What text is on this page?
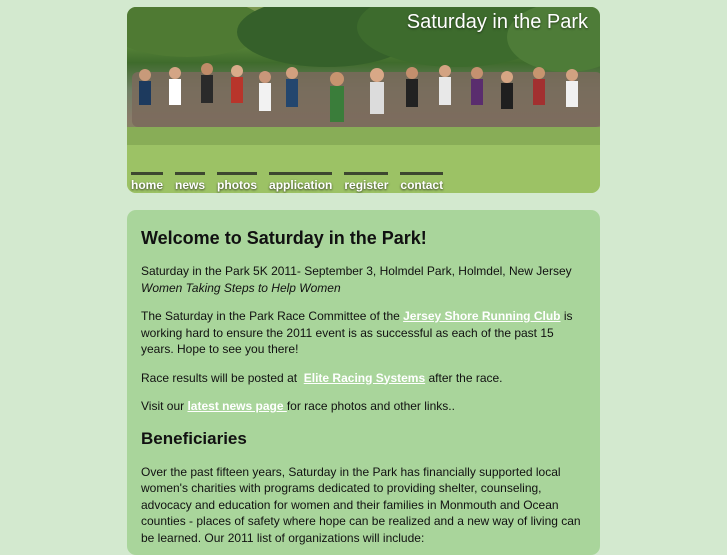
Saturday in the Park
home news photos application register contact
Welcome to Saturday in the Park!

Saturday in the Park 5K 2011- September 3, Holmdel Park, Holmdel, New Jersey
Women Taking Steps to Help Women

The Saturday in the Park Race Committee of the Jersey Shore Running Club is working hard to ensure the 2011 event is as successful as each of the past 15 years. Hope to see you there!

Race results will be posted at  Elite Racing Systems after the race.

Visit our latest news page for race photos and other links..

Beneficiaries

Over the past fifteen years, Saturday in the Park has financially supported local women's charities with programs dedicated to providing shelter, counseling, advocacy and education for women and their families in Monmouth and Ocean counties - places of safety where hope can be realized and a new way of living can be learned. Our 2011 list of organizations will include:
